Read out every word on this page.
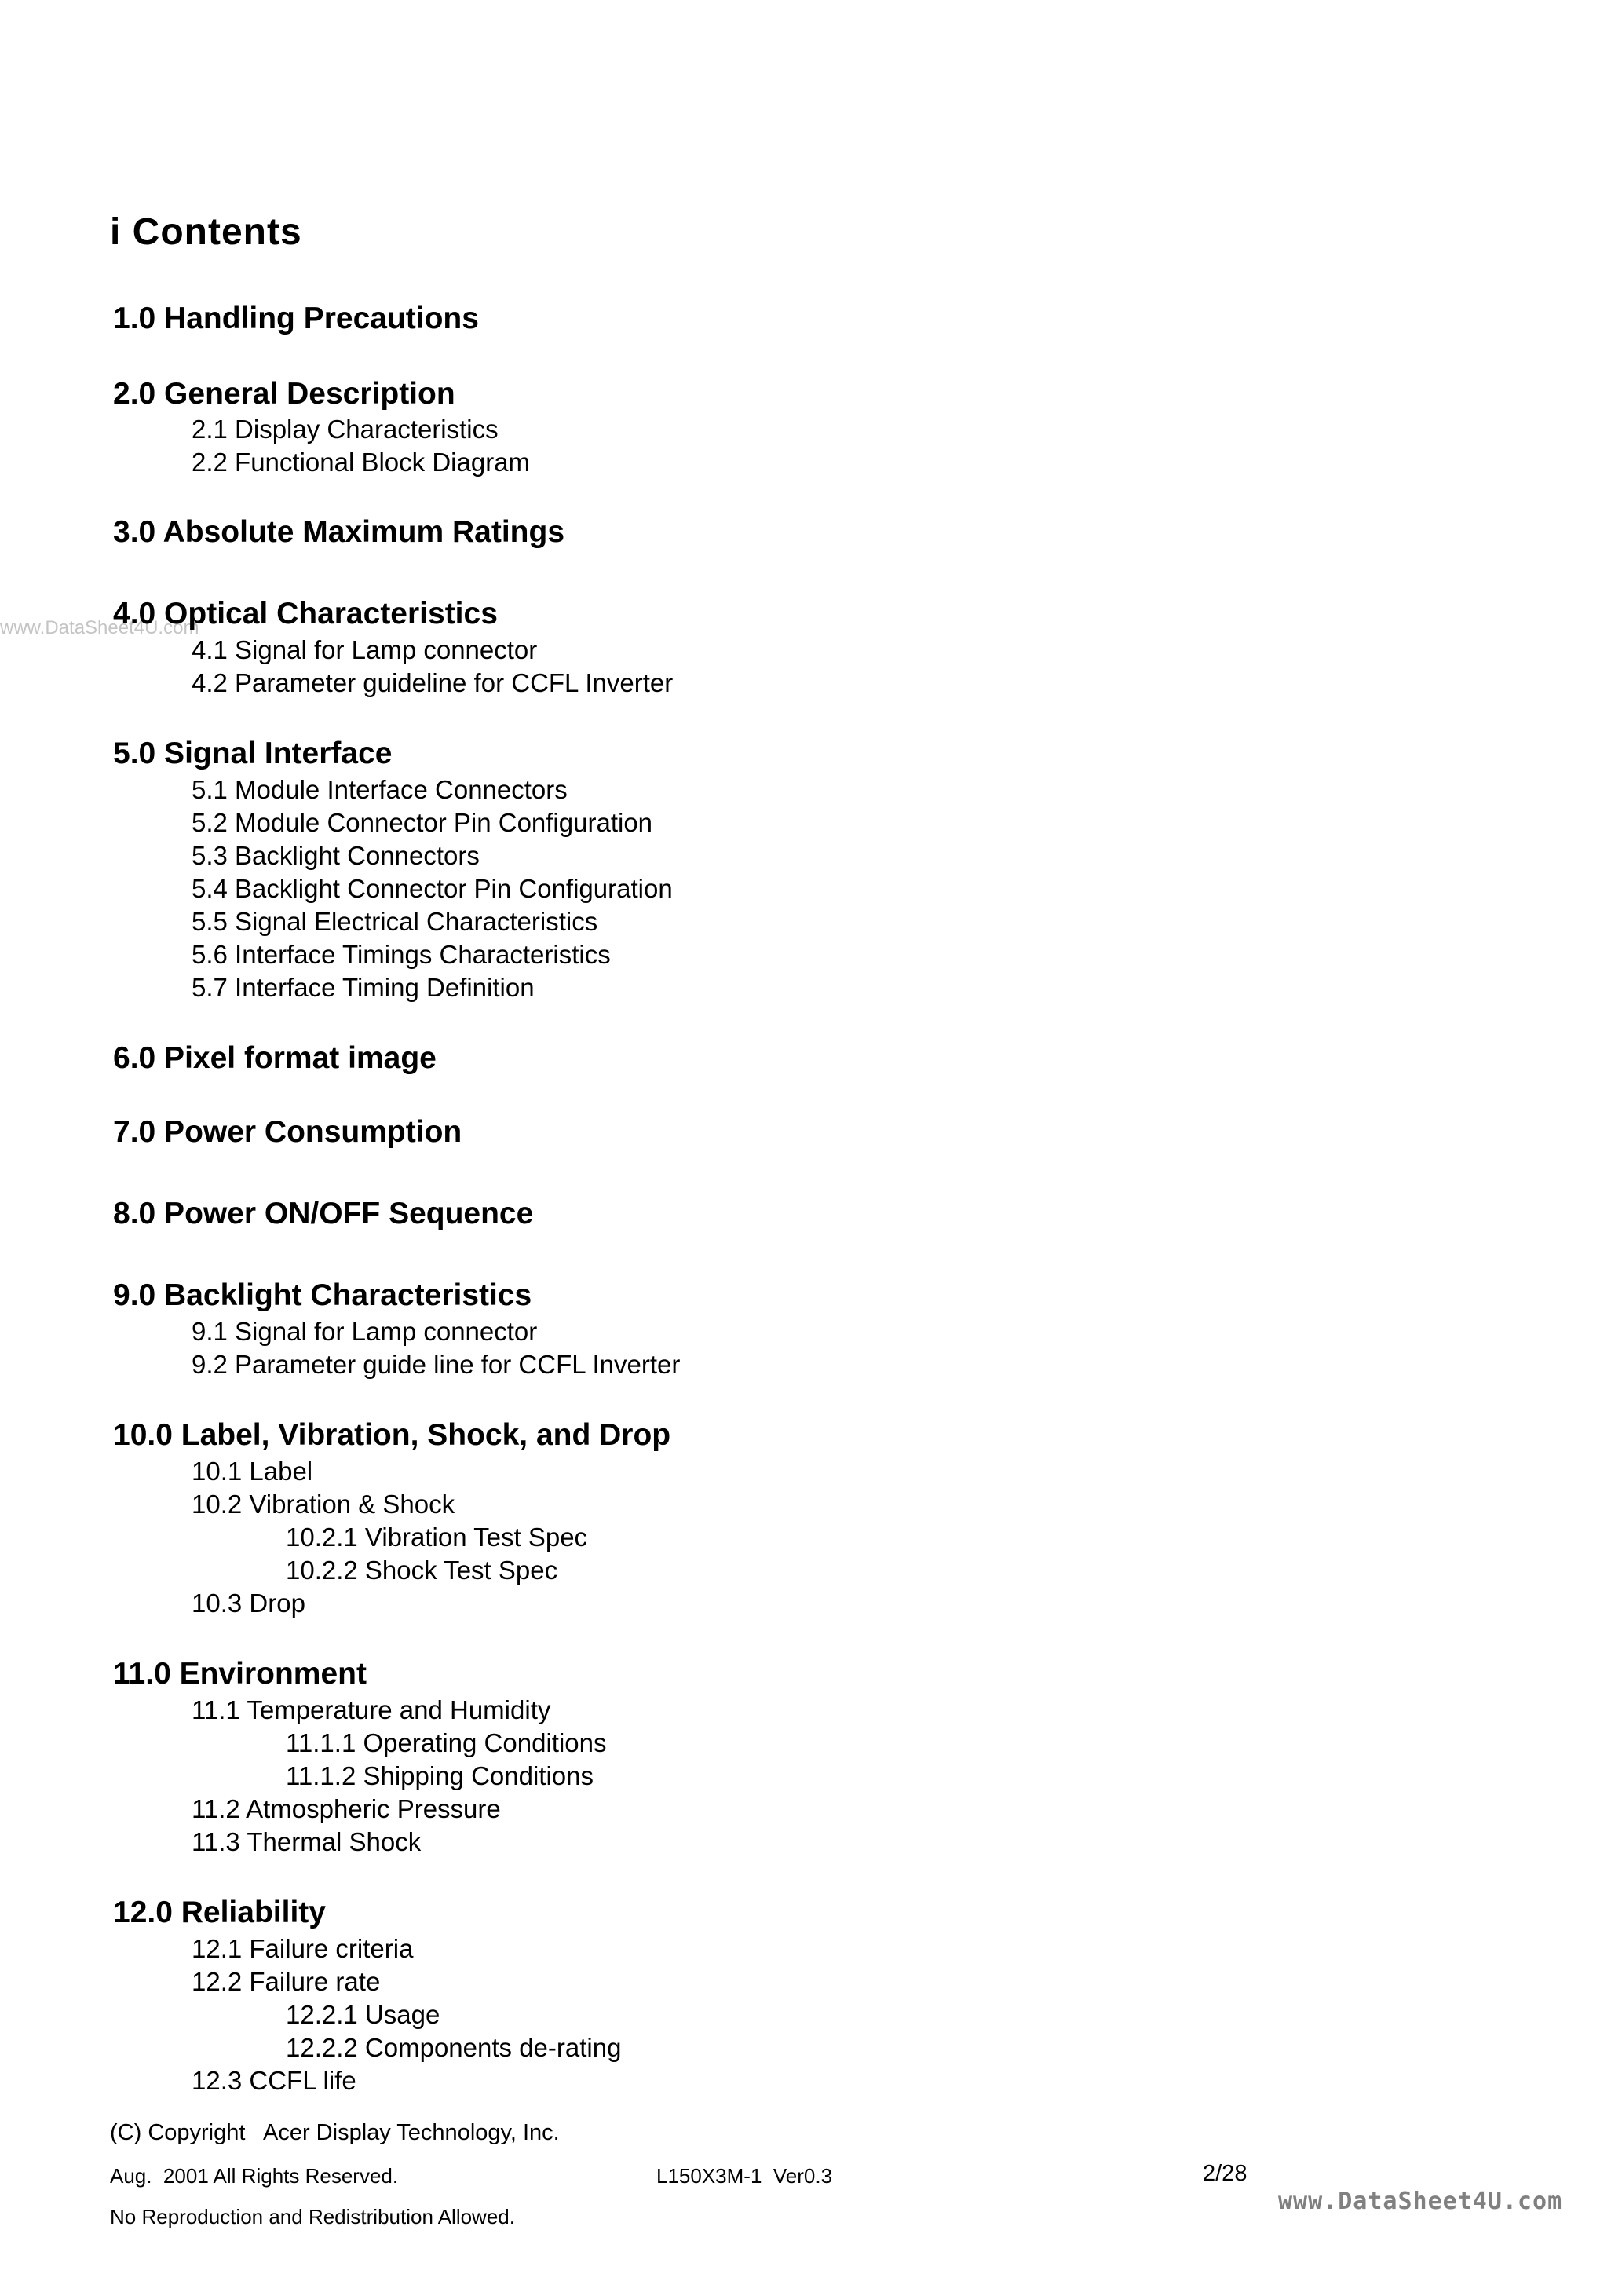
www.DataSheet4U.com
i Contents
1.0 Handling Precautions
2.0 General Description
2.1 Display Characteristics
2.2 Functional Block Diagram
3.0 Absolute Maximum Ratings
4.0 Optical Characteristics
4.1 Signal for Lamp connector
4.2 Parameter guideline for CCFL Inverter
5.0 Signal Interface
5.1 Module Interface Connectors
5.2 Module Connector Pin Configuration
5.3 Backlight Connectors
5.4 Backlight Connector Pin Configuration
5.5 Signal Electrical Characteristics
5.6 Interface Timings Characteristics
5.7 Interface Timing Definition
6.0 Pixel format image
7.0 Power Consumption
8.0 Power ON/OFF Sequence
9.0 Backlight Characteristics
9.1 Signal for Lamp connector
9.2 Parameter guide line for CCFL Inverter
10.0 Label, Vibration, Shock, and Drop
10.1 Label
10.2 Vibration & Shock
10.2.1 Vibration Test Spec
10.2.2 Shock Test Spec
10.3 Drop
11.0 Environment
11.1 Temperature and Humidity
11.1.1 Operating Conditions
11.1.2 Shipping Conditions
11.2 Atmospheric Pressure
11.3 Thermal Shock
12.0 Reliability
12.1 Failure criteria
12.2 Failure rate
12.2.1 Usage
12.2.2 Components de-rating
12.3 CCFL life
(C) Copyright   Acer Display Technology, Inc.
Aug.  2001 All Rights Reserved.	L150X3M-1  Ver0.3	2/28
www.DataSheet4U.com
No Reproduction and Redistribution Allowed.
